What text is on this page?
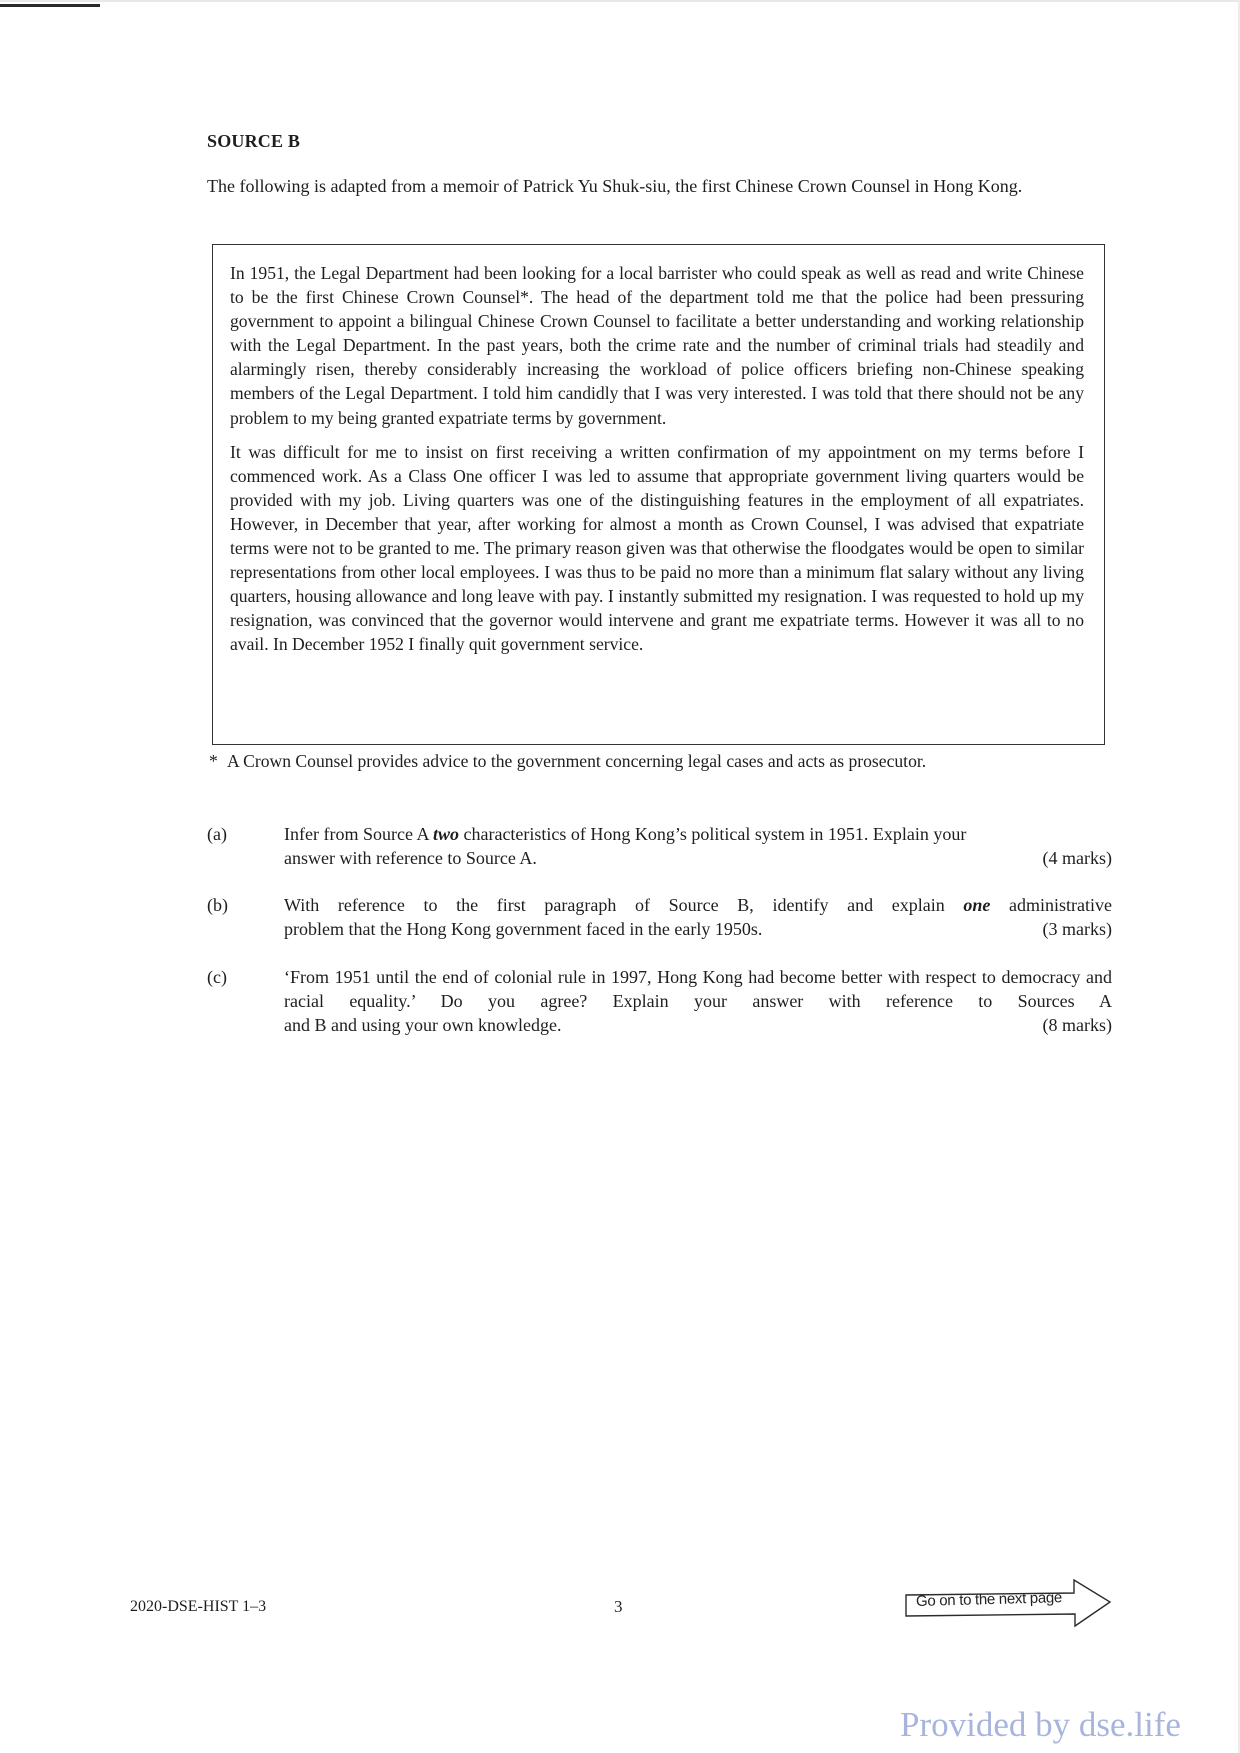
SOURCE B
The following is adapted from a memoir of Patrick Yu Shuk-siu, the first Chinese Crown Counsel in Hong Kong.

In 1951, the Legal Department had been looking for a local barrister who could speak as well as read and write Chinese to be the first Chinese Crown Counsel*. The head of the department told me that the police had been pressuring government to appoint a bilingual Chinese Crown Counsel to facilitate a better understanding and working relationship with the Legal Department. In the past years, both the crime rate and the number of criminal trials had steadily and alarmingly risen, thereby considerably increasing the workload of police officers briefing non-Chinese speaking members of the Legal Department. I told him candidly that I was very interested. I was told that there should not be any problem to my being granted expatriate terms by government.

It was difficult for me to insist on first receiving a written confirmation of my appointment on my terms before I commenced work. As a Class One officer I was led to assume that appropriate government living quarters would be provided with my job. Living quarters was one of the distinguishing features in the employment of all expatriates. However, in December that year, after working for almost a month as Crown Counsel, I was advised that expatriate terms were not to be granted to me. The primary reason given was that otherwise the floodgates would be open to similar representations from other local employees. I was thus to be paid no more than a minimum flat salary without any living quarters, housing allowance and long leave with pay. I instantly submitted my resignation. I was requested to hold up my resignation, was convinced that the governor would intervene and grant me expatriate terms. However it was all to no avail. In December 1952 I finally quit government service.

* A Crown Counsel provides advice to the government concerning legal cases and acts as prosecutor.
(a)	Infer from Source A two characteristics of Hong Kong’s political system in 1951. Explain your
answer with reference to Source A.	(4 marks)
(b)	With reference to the first paragraph of Source B, identify and explain one administrative
problem that the Hong Kong government faced in the early 1950s.	(3 marks)
(c)	‘From 1951 until the end of colonial rule in 1997, Hong Kong had become better with respect to democracy and racial equality.’ Do you agree? Explain your answer with reference to Sources A
and B and using your own knowledge.	(8 marks)
2020-DSE-HIST 1–3	3	Go on to the next page
Provided by dse.life
